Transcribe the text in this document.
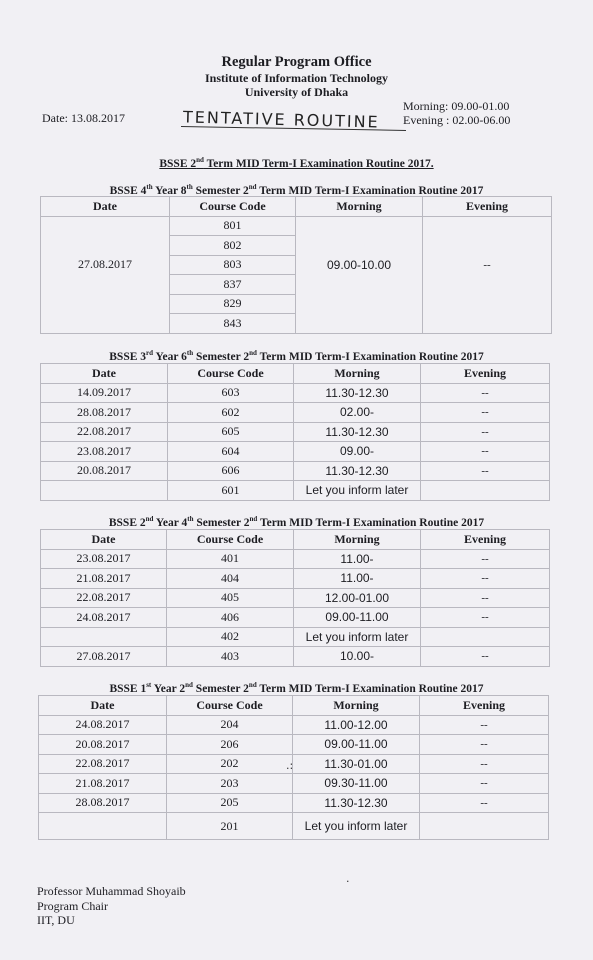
Regular Program Office
Institute of Information Technology
University of Dhaka
Date: 13.08.2017
Morning: 09.00-01.00
Evening : 02.00-06.00
TENTATIVE ROUTINE
BSSE 2nd Term MID Term-I Examination Routine 2017.
BSSE 4th Year 8th Semester 2nd Term MID Term-I Examination Routine 2017
Date	Course Code	Morning	Evening
	801		
	802		
27.08.2017	803	09.00-10.00	--
	837		
	829		
	843		
BSSE 3rd Year 6th Semester 2nd Term MID Term-I Examination Routine 2017
Date	Course Code	Morning	Evening
14.09.2017	603	11.30-12.30	--
28.08.2017	602	02.00-	--
22.08.2017	605	11.30-12.30	--
23.08.2017	604	09.00-	--
20.08.2017	606	11.30-12.30	--
	601	Let you inform later	
BSSE 2nd Year 4th Semester 2nd Term MID Term-I Examination Routine 2017
Date	Course Code	Morning	Evening
23.08.2017	401	11.00-	--
21.08.2017	404	11.00-	--
22.08.2017	405	12.00-01.00	--
24.08.2017	406	09.00-11.00	--
	402	Let you inform later	
27.08.2017	403	10.00-	--
BSSE 1st Year 2nd Semester 2nd Term MID Term-I Examination Routine 2017
Date	Course Code	Morning	Evening
24.08.2017	204	11.00-12.00	--
20.08.2017	206	09.00-11.00	--
22.08.2017	202	11.30-01.00	--
21.08.2017	203	09.30-11.00	--
28.08.2017	205	11.30-12.30	--
	201	Let you inform later	
.:
·
Professor Muhammad Shoyaib
Program Chair
IIT, DU
